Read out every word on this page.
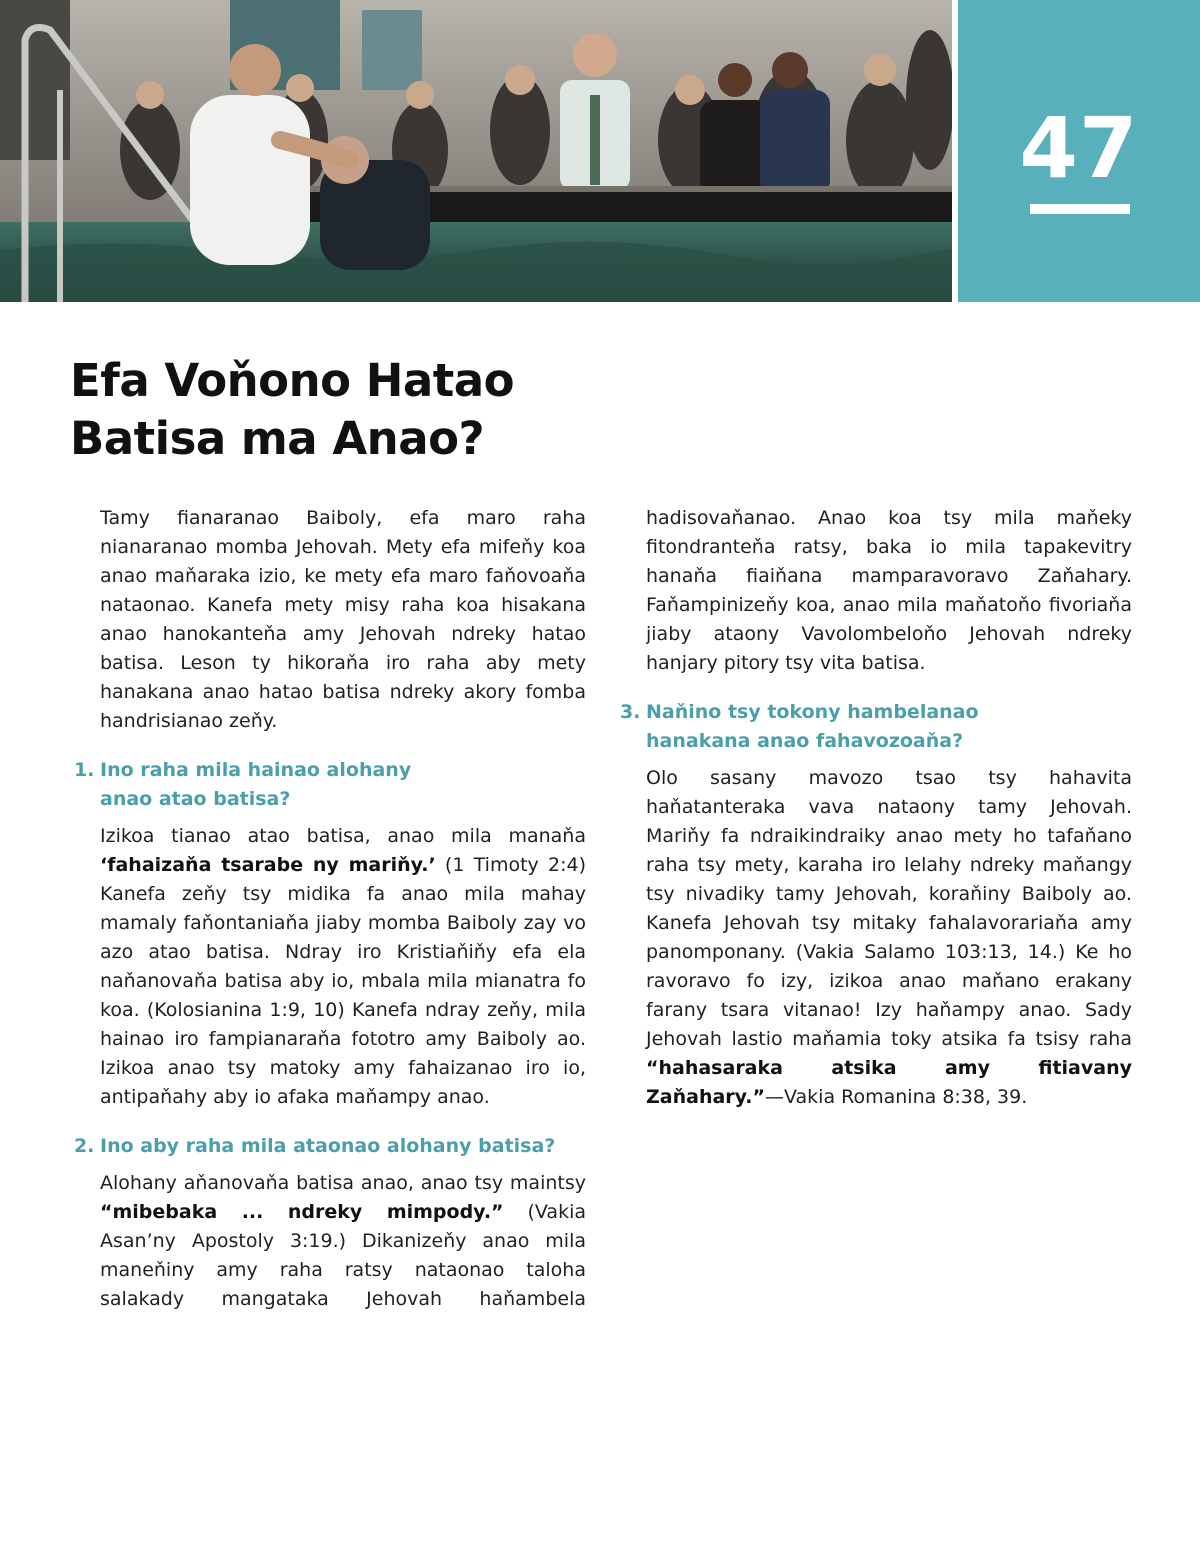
47
Efa Voňono Hatao
Batisa ma Anao?

Tamy fianaranao Baiboly, efa maro raha nianaranao momba Jehovah. Mety efa mifeňy koa anao maňaraka izio, ke mety efa maro faňovoaňa nataonao. Kanefa mety misy raha koa hisakana anao hanokanteňa amy Jehovah ndreky hatao batisa. Leson ty hikoraňa iro raha aby mety hanakana anao hatao batisa ndreky akory fomba handrisianao zeňy.

1. Ino raha mila hainao alohany anao atao batisa?

Izikoa tianao atao batisa, anao mila manaňa ‘fahaizaňa tsarabe ny mariňy.’ (1 Timoty 2:4) Kanefa zeňy tsy midika fa anao mila mahay mamaly faňontaniaňa jiaby momba Baiboly zay vo azo atao batisa. Ndray iro Kristiaňiňy efa ela naňanovaňa batisa aby io, mbala mila mianatra fo koa. (Kolosianina 1:9, 10) Kanefa ndray zeňy, mila hainao iro fampianaraňa fototro amy Baiboly ao. Izikoa anao tsy matoky amy fahaizanao iro io, antipaňahy aby io afaka maňampy anao.

2. Ino aby raha mila ataonao alohany batisa?

Alohany aňanovaňa batisa anao, anao tsy maintsy “mibebaka ... ndreky mimpody.” (Vakia Asan’ny Apostoly 3:19.) Dikanizeňy anao mila maneňiny amy raha ratsy nataonao taloha salakady mangataka Jehovah haňambela

hadisovaňanao. Anao koa tsy mila maňeky fitondranteňa ratsy, baka io mila tapakevitry hanaňa fiaiňana mamparavoravo Zaňahary. Faňampinizeňy koa, anao mila maňatoňo fivoriaňa jiaby ataony Vavolombeloňo Jehovah ndreky hanjary pitory tsy vita batisa.

3. Naňino tsy tokony hambelanao hanakana anao fahavozoaňa?

Olo sasany mavozo tsao tsy hahavita haňatanteraka vava nataony tamy Jehovah. Mariňy fa ndraikindraiky anao mety ho tafaňano raha tsy mety, karaha iro lelahy ndreky maňangy tsy nivadiky tamy Jehovah, koraňiny Baiboly ao. Kanefa Jehovah tsy mitaky fahalavorariaňa amy panomponany. (Vakia Salamo 103:13, 14.) Ke ho ravoravo fo izy, izikoa anao maňano erakany farany tsara vitanao! Izy haňampy anao. Sady Jehovah lastio maňamia toky atsika fa tsisy raha “hahasaraka atsika amy fitiavany Zaňahary.”—Vakia Romanina 8:38, 39.
